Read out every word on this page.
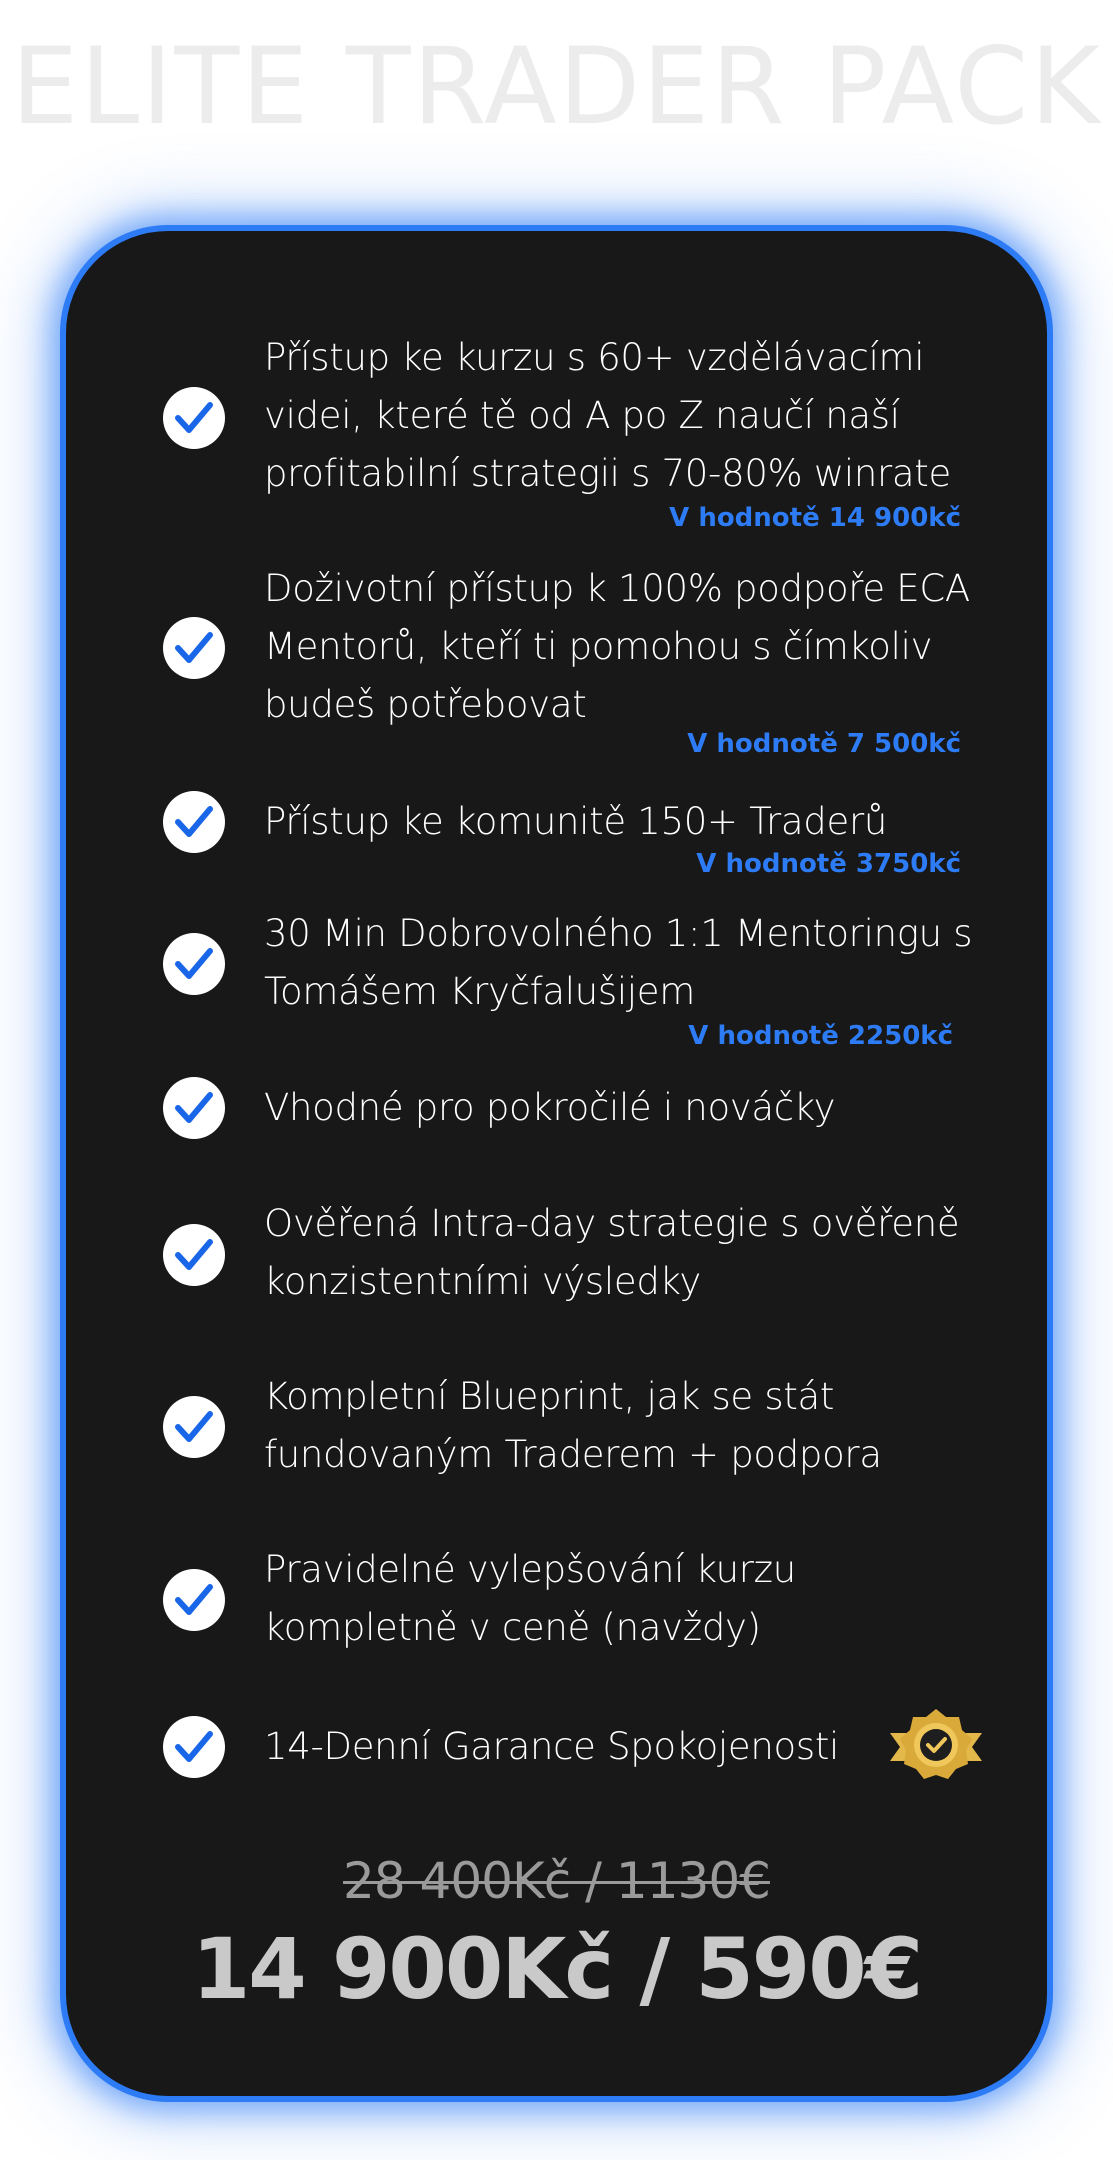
ELITE TRADER PACK
Přístup ke kurzu s 60+ vzdělávacími videi, které tě od A po Z naučí naší profitabilní strategii s 70-80% winrate
V hodnotě 14 900kč
Doživotní přístup k 100% podpoře ECA Mentorů, kteří ti pomohou s čímkoliv budeš potřebovat
V hodnotě 7 500kč
Přístup ke komunitě 150+ Traderů
V hodnotě 3750kč
30 Min Dobrovolného 1:1 Mentoringu s Tomášem Kryčfalušijem
V hodnotě 2250kč
Vhodné pro pokročilé i nováčky
Ověřená Intra-day strategie s ověřeně konzistentními výsledky
Kompletní Blueprint, jak se stát fundovaným Traderem + podpora
Pravidelné vylepšování kurzu kompletně v ceně (navždy)
14-Denní Garance Spokojenosti
28 400Kč / 1130€
14 900Kč / 590€
